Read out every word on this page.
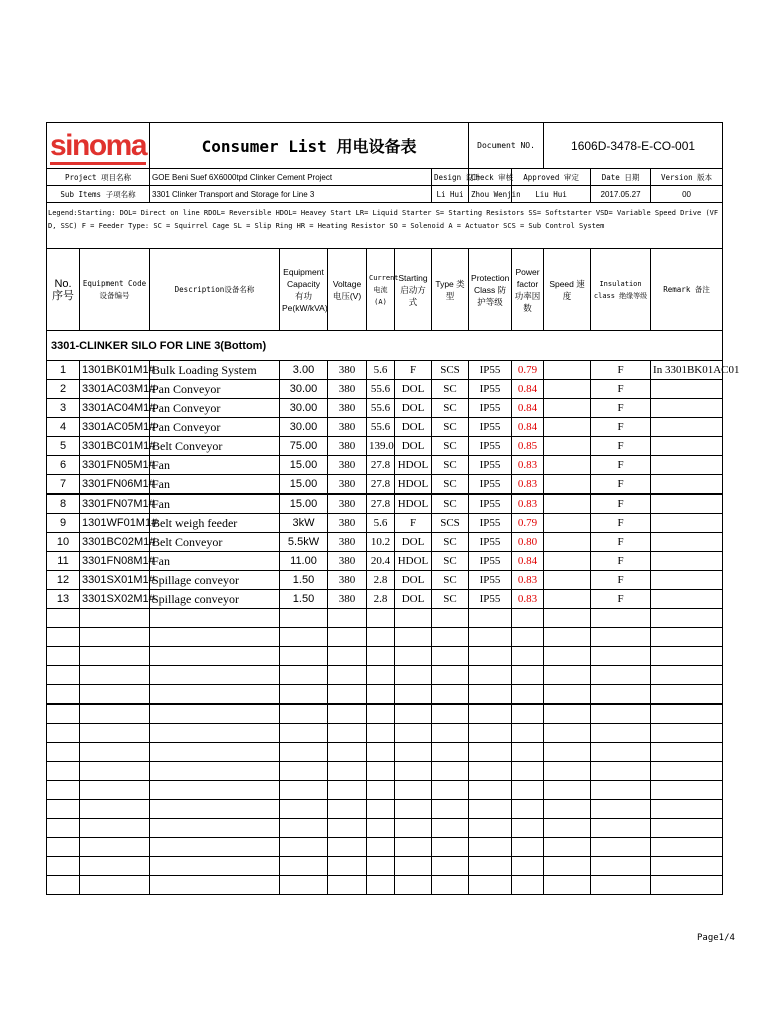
sinoma		Consumer List 用电设备表						Document NO.		1606D-3478-E-CO-001		
Project 项目名称		GOE Beni Suef 6X6000tpd Clinker Cement Project					Design 设计	Check 审核	Approved 审定		Date 日期	Version 版本
Sub Items 子项名称		3301 Clinker Transport and Storage for Line 3					Li Hui	Zhou Wenjin	Liu Hui		2017.05.27	00
Legend:Starting: DOL= Direct on line RDOL= Reversible HDOL= Heavey Start LR= Liquid Starter S= Starting Resistors SS= Softstarter VSD= Variable Speed Drive (VFD, SSC) F = Feeder Type: SC = Squirrel Cage SL = Slip Ring HR = Heating Resistor SO = Solenoid A = Actuator SCS = Sub Control System												
No. 序号	Equipment Code 设备编号	Description设备名称	Equipment Capacity 有功 Pe(kW/kVA)	Voltage 电压(V)	Current 电流(A)	Starting 启动方式	Type 类型	Protection Class 防护等级	Power factor 功率因数	Speed 速度	Insulation class 绝缘等级	Remark 备注
3301-CLINKER SILO FOR LINE 3(Bottom)												
1	1301BK01M1#	Bulk Loading System	3.00	380	5.6	F	SCS	IP55	0.79		F	In 3301BK01AC01
2	3301AC03M1#	Pan Conveyor	30.00	380	55.6	DOL	SC	IP55	0.84		F	
3	3301AC04M1#	Pan Conveyor	30.00	380	55.6	DOL	SC	IP55	0.84		F	
4	3301AC05M1#	Pan Conveyor	30.00	380	55.6	DOL	SC	IP55	0.84		F	
5	3301BC01M1#	Belt Conveyor	75.00	380	139.0	DOL	SC	IP55	0.85		F	
6	3301FN05M1#	Fan	15.00	380	27.8	HDOL	SC	IP55	0.83		F	
7	3301FN06M1#	Fan	15.00	380	27.8	HDOL	SC	IP55	0.83		F	
8	3301FN07M1#	Fan	15.00	380	27.8	HDOL	SC	IP55	0.83		F	
9	1301WF01M1#	Belt weigh feeder	3kW	380	5.6	F	SCS	IP55	0.79		F	
10	3301BC02M1#	Belt Conveyor	5.5kW	380	10.2	DOL	SC	IP55	0.80		F	
11	3301FN08M1#	Fan	11.00	380	20.4	HDOL	SC	IP55	0.84		F	
12	3301SX01M1#	Spillage conveyor	1.50	380	2.8	DOL	SC	IP55	0.83		F	
13	3301SX02M1#	Spillage conveyor	1.50	380	2.8	DOL	SC	IP55	0.83		F	

Page1/4
